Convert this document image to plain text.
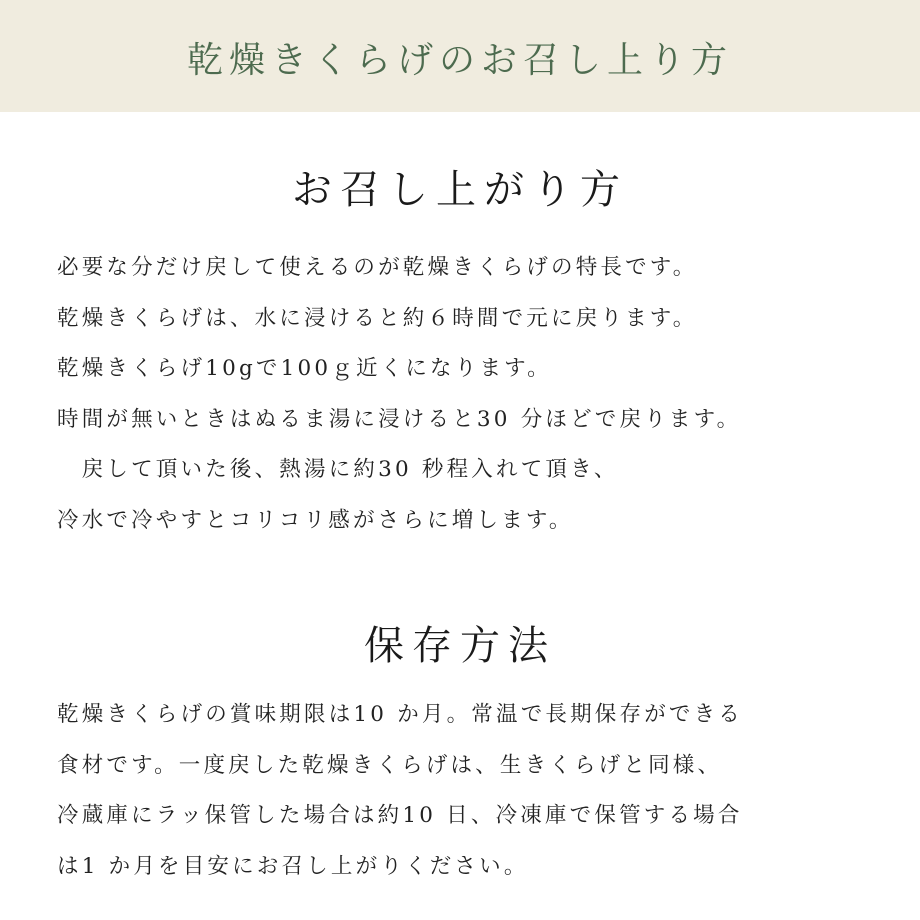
乾燥きくらげのお召し上り方
お召し上がり方
必要な分だけ戻して使えるのが乾燥きくらげの特長です。
乾燥きくらげは、水に浸けると約６時間で元に戻ります。
乾燥きくらげ10gで100ｇ近くになります。
時間が無いときはぬるま湯に浸けると30 分ほどで戻ります。
　戻して頂いた後、熱湯に約30 秒程入れて頂き、
冷水で冷やすとコリコリ感がさらに増します。
保存方法
乾燥きくらげの賞味期限は10 か月。常温で長期保存ができる
食材です。一度戻した乾燥きくらげは、生きくらげと同様、
冷蔵庫にラッ保管した場合は約10 日、冷凍庫で保管する場合
は1 か月を目安にお召し上がりください。
